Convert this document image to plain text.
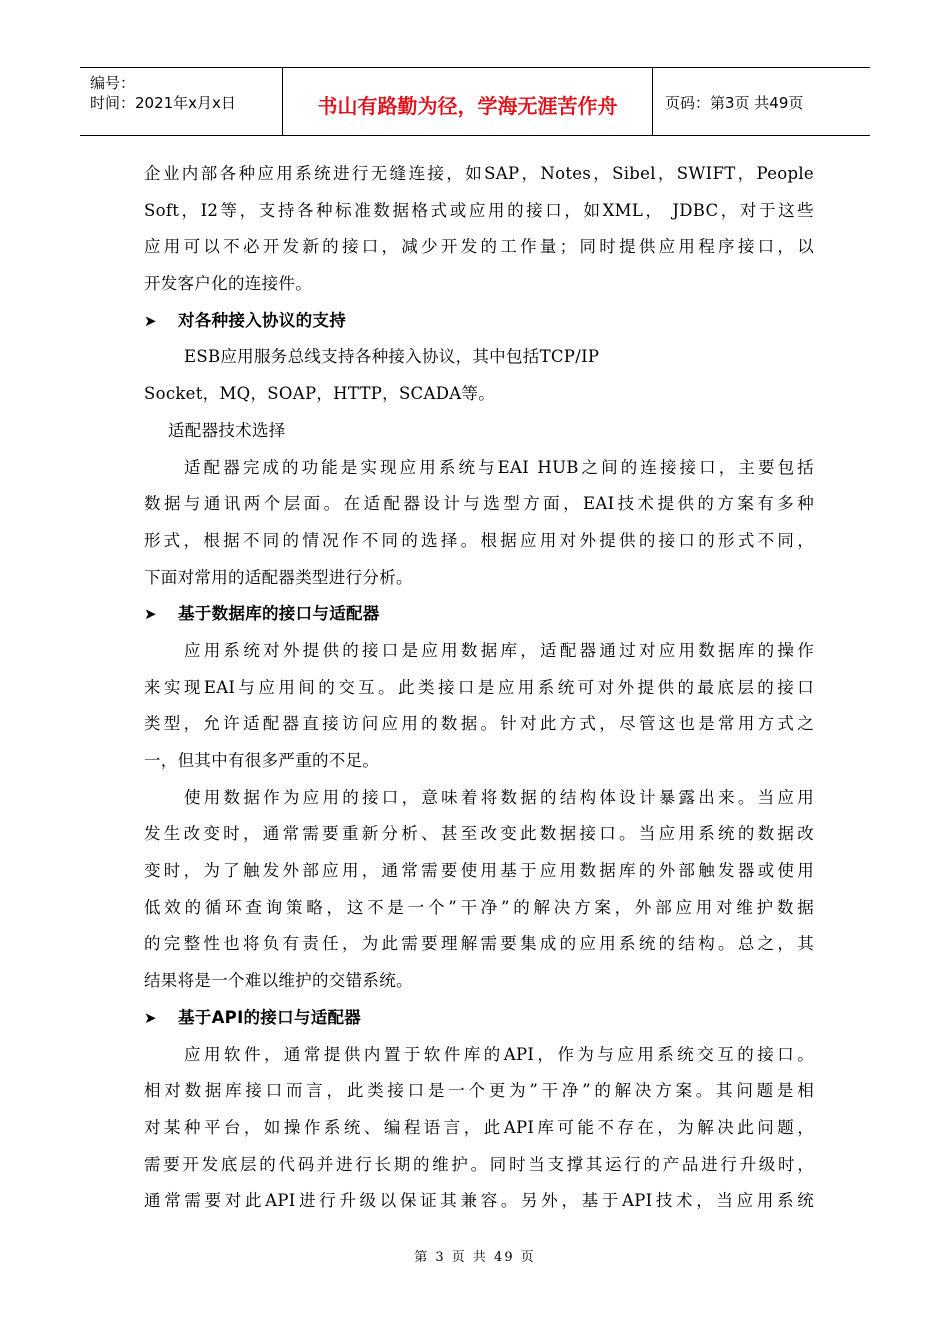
编号：
时间：2021年x月x日	书山有路勤为径，学海无涯苦作舟	页码：第3页 共49页
企业内部各种应用系统进行无缝连接，如SAP，Notes，Sibel，SWIFT，People
Soft，I2等，支持各种标准数据格式或应用的接口，如XML， JDBC，对于这些
应用可以不必开发新的接口，减少开发的工作量；同时提供应用程序接口，以
开发客户化的连接件。
➤	对各种接入协议的支持
ESB应用服务总线支持各种接入协议，其中包括TCP/IP
Socket，MQ，SOAP，HTTP，SCADA等。
适配器技术选择
适配器完成的功能是实现应用系统与EAI HUB之间的连接接口，主要包括
数据与通讯两个层面。在适配器设计与选型方面，EAI技术提供的方案有多种
形式，根据不同的情况作不同的选择。根据应用对外提供的接口的形式不同，
下面对常用的适配器类型进行分析。
➤	基于数据库的接口与适配器
应用系统对外提供的接口是应用数据库，适配器通过对应用数据库的操作
来实现EAI与应用间的交互。此类接口是应用系统可对外提供的最底层的接口
类型，允许适配器直接访问应用的数据。针对此方式，尽管这也是常用方式之
一，但其中有很多严重的不足。
使用数据作为应用的接口，意味着将数据的结构体设计暴露出来。当应用
发生改变时，通常需要重新分析、甚至改变此数据接口。当应用系统的数据改
变时，为了触发外部应用，通常需要使用基于应用数据库的外部触发器或使用
低效的循环查询策略，这不是一个”干净”的解决方案，外部应用对维护数据
的完整性也将负有责任，为此需要理解需要集成的应用系统的结构。总之，其
结果将是一个难以维护的交错系统。
➤	基于API的接口与适配器
应用软件，通常提供内置于软件库的API，作为与应用系统交互的接口。
相对数据库接口而言，此类接口是一个更为”干净”的解决方案。其问题是相
对某种平台，如操作系统、编程语言，此API库可能不存在，为解决此问题，
需要开发底层的代码并进行长期的维护。同时当支撑其运行的产品进行升级时，
通常需要对此API进行升级以保证其兼容。另外，基于API技术，当应用系统
第 3 页 共 49 页
